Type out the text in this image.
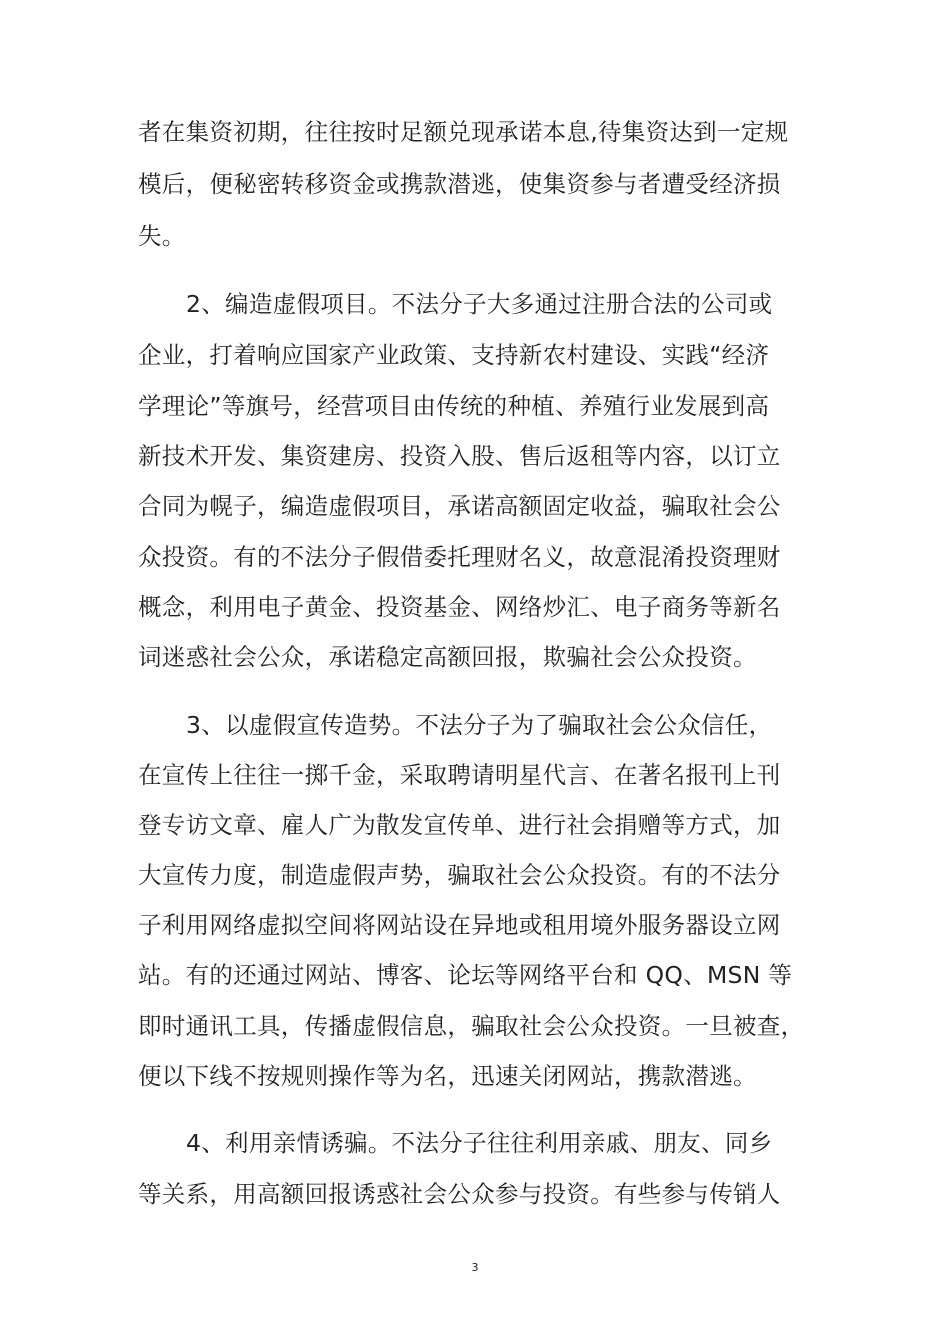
者在集资初期，往往按时足额兑现承诺本息,待集资达到一定规
模后，便秘密转移资金或携款潜逃，使集资参与者遭受经济损
失。
2、编造虚假项目。不法分子大多通过注册合法的公司或
企业，打着响应国家产业政策、支持新农村建设、实践“经济
学理论”等旗号，经营项目由传统的种植、养殖行业发展到高
新技术开发、集资建房、投资入股、售后返租等内容，以订立
合同为幌子，编造虚假项目，承诺高额固定收益，骗取社会公
众投资。有的不法分子假借委托理财名义，故意混淆投资理财
概念，利用电子黄金、投资基金、网络炒汇、电子商务等新名
词迷惑社会公众，承诺稳定高额回报，欺骗社会公众投资。
3、以虚假宣传造势。不法分子为了骗取社会公众信任，
在宣传上往往一掷千金，采取聘请明星代言、在著名报刊上刊
登专访文章、雇人广为散发宣传单、进行社会捐赠等方式，加
大宣传力度，制造虚假声势，骗取社会公众投资。有的不法分
子利用网络虚拟空间将网站设在异地或租用境外服务器设立网
站。有的还通过网站、博客、论坛等网络平台和 QQ、MSN 等
即时通讯工具，传播虚假信息，骗取社会公众投资。一旦被查，
便以下线不按规则操作等为名，迅速关闭网站，携款潜逃。
4、利用亲情诱骗。不法分子往往利用亲戚、朋友、同乡
等关系，用高额回报诱惑社会公众参与投资。有些参与传销人
3
